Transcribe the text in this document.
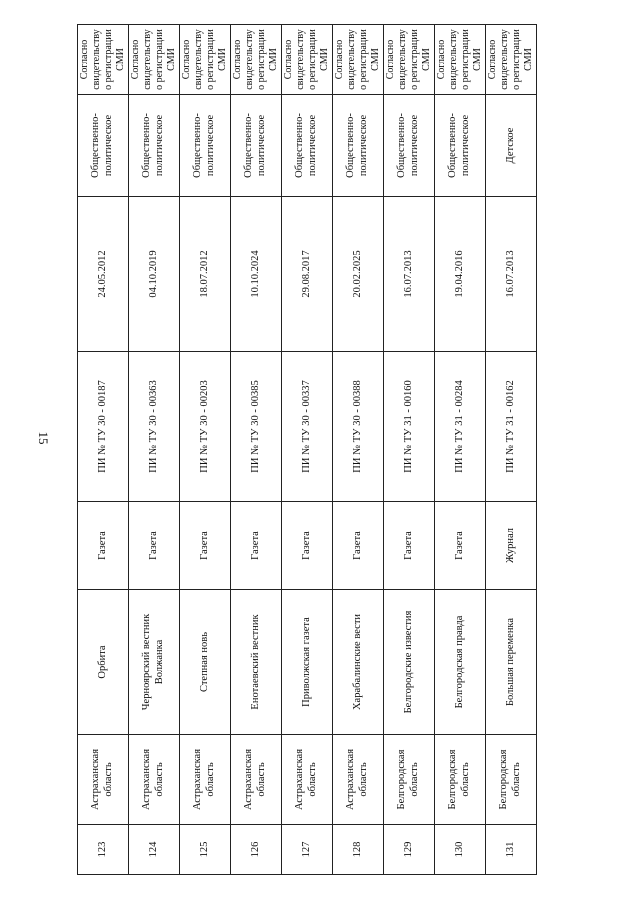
15
123	Астраханская область	Орбита	Газета	ПИ № ТУ 30 - 00187	24.05.2012	Общественно-политическое	Согласно свидетельству о регистрации СМИ
124	Астраханская область	Черноярский вестник Волжанка	Газета	ПИ № ТУ 30 - 00363	04.10.2019	Общественно-политическое	Согласно свидетельству о регистрации СМИ
125	Астраханская область	Степная новь	Газета	ПИ № ТУ 30 - 00203	18.07.2012	Общественно-политическое	Согласно свидетельству о регистрации СМИ
126	Астраханская область	Енотаевский вестник	Газета	ПИ № ТУ 30 - 00385	10.10.2024	Общественно-политическое	Согласно свидетельству о регистрации СМИ
127	Астраханская область	Приволжская газета	Газета	ПИ № ТУ 30 - 00337	29.08.2017	Общественно-политическое	Согласно свидетельству о регистрации СМИ
128	Астраханская область	Харабалинские вести	Газета	ПИ № ТУ 30 - 00388	20.02.2025	Общественно-политическое	Согласно свидетельству о регистрации СМИ
129	Белгородская область	Белгородские известия	Газета	ПИ № ТУ 31 - 00160	16.07.2013	Общественно-политическое	Согласно свидетельству о регистрации СМИ
130	Белгородская область	Белгородская правда	Газета	ПИ № ТУ 31 - 00284	19.04.2016	Общественно-политическое	Согласно свидетельству о регистрации СМИ
131	Белгородская область	Большая переменка	Журнал	ПИ № ТУ 31 - 00162	16.07.2013	Детское	Согласно свидетельству о регистрации СМИ
